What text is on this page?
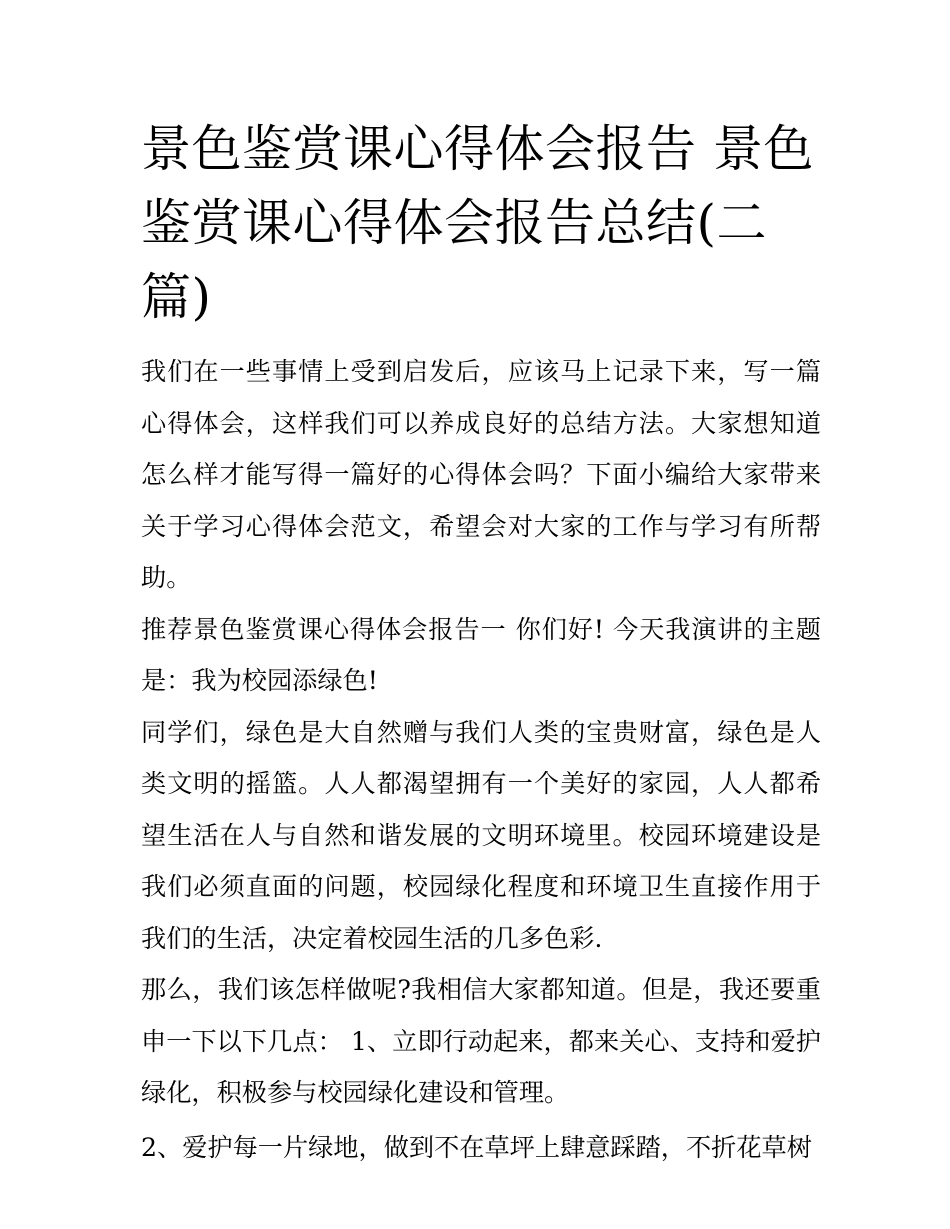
景色鉴赏课心得体会报告 景色鉴赏课心得体会报告总结(二篇)

我们在一些事情上受到启发后，应该马上记录下来，写一篇心得体会，这样我们可以养成良好的总结方法。大家想知道怎么样才能写得一篇好的心得体会吗？下面小编给大家带来关于学习心得体会范文，希望会对大家的工作与学习有所帮助。

推荐景色鉴赏课心得体会报告一 你们好! 今天我演讲的主题是：我为校园添绿色!

同学们，绿色是大自然赠与我们人类的宝贵财富，绿色是人类文明的摇篮。人人都渴望拥有一个美好的家园，人人都希望生活在人与自然和谐发展的文明环境里。校园环境建设是我们必须直面的问题，校园绿化程度和环境卫生直接作用于我们的生活，决定着校园生活的几多色彩.

那么，我们该怎样做呢?我相信大家都知道。但是，我还要重申一下以下几点： 1、立即行动起来，都来关心、支持和爱护绿化，积极参与校园绿化建设和管理。

2、爱护每一片绿地，做到不在草坪上肆意踩踏，不折花草树
